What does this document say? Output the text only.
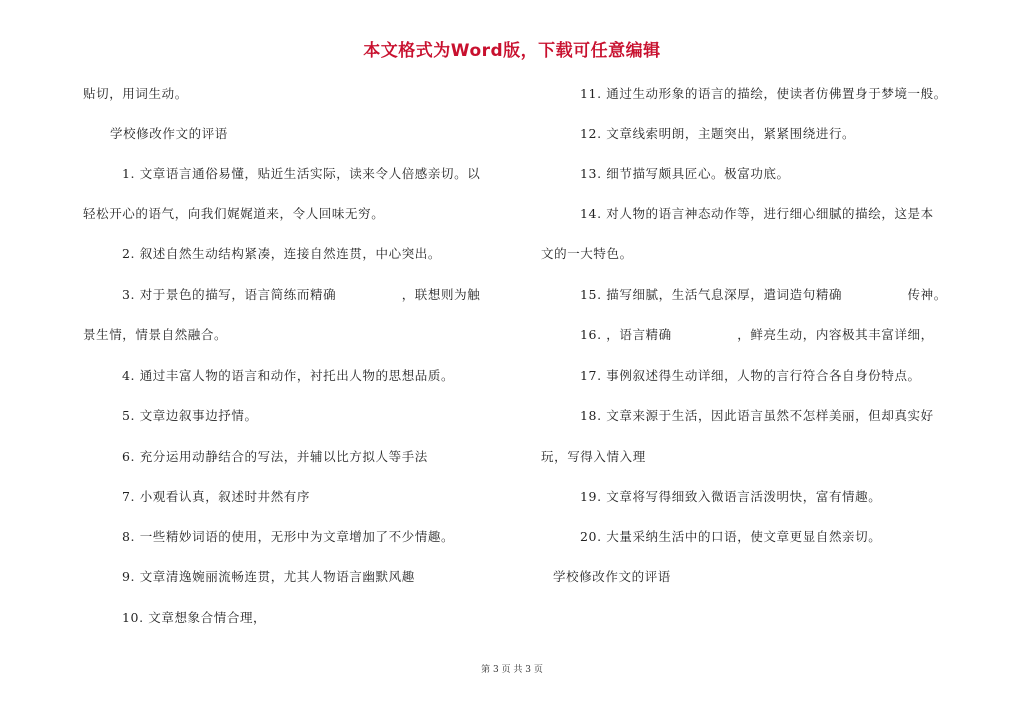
本文格式为Word版，下载可任意编辑
贴切，用词生动。
学校修改作文的评语
1. 文章语言通俗易懂，贴近生活实际，读来令人倍感亲切。以
轻松开心的语气，向我们娓娓道来，令人回味无穷。
2. 叙述自然生动结构紧凑，连接自然连贯，中心突出。
3. 对于景色的描写，语言简练而精确　　　　　，联想则为触
景生情，情景自然融合。
4. 通过丰富人物的语言和动作，衬托出人物的思想品质。
5. 文章边叙事边抒情。
6. 充分运用动静结合的写法，并辅以比方拟人等手法
7. 小观看认真，叙述时井然有序
8. 一些精妙词语的使用，无形中为文章增加了不少情趣。
9. 文章清逸婉丽流畅连贯，尤其人物语言幽默风趣
10. 文章想象合情合理，
11. 通过生动形象的语言的描绘，使读者仿佛置身于梦境一般。
12. 文章线索明朗，主题突出，紧紧围绕进行。
13. 细节描写颇具匠心。极富功底。
14. 对人物的语言神态动作等，进行细心细腻的描绘，这是本
文的一大特色。
15. 描写细腻，生活气息深厚，遣词造句精确　　　　　传神。
16. ，语言精确　　　　　，鲜亮生动，内容极其丰富详细，
17. 事例叙述得生动详细，人物的言行符合各自身份特点。
18. 文章来源于生活，因此语言虽然不怎样美丽，但却真实好
玩，写得入情入理
19. 文章将写得细致入微语言活泼明快，富有情趣。
20. 大量采纳生活中的口语，使文章更显自然亲切。
学校修改作文的评语
第 3 页 共 3 页
